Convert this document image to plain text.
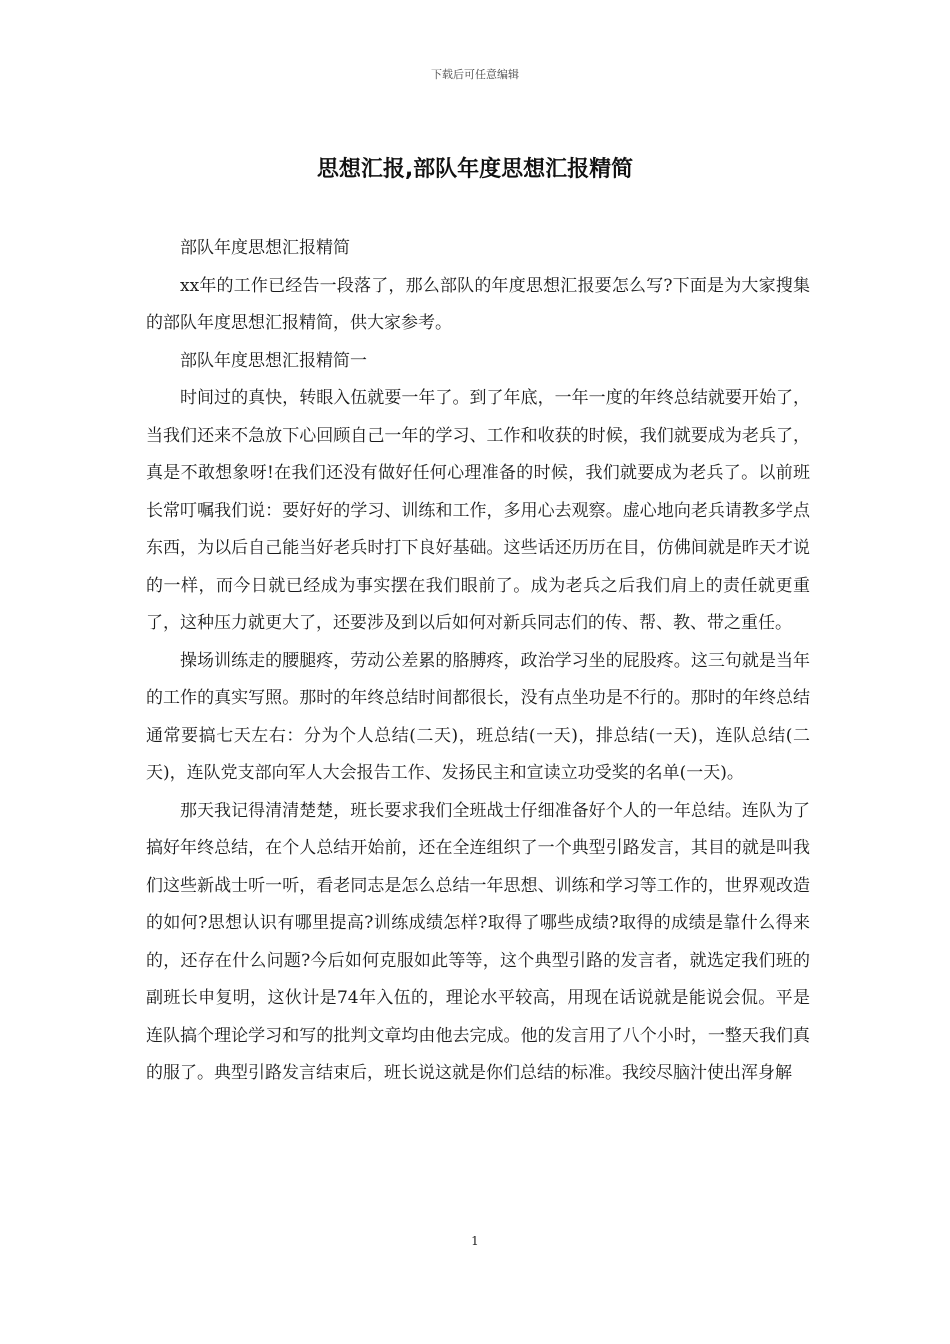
下载后可任意编辑
思想汇报,部队年度思想汇报精简

部队年度思想汇报精简

xx年的工作已经告一段落了，那么部队的年度思想汇报要怎么写?下面是为大家搜集的部队年度思想汇报精简，供大家参考。

部队年度思想汇报精简一

时间过的真快，转眼入伍就要一年了。到了年底，一年一度的年终总结就要开始了，当我们还来不急放下心回顾自己一年的学习、工作和收获的时候，我们就要成为老兵了，真是不敢想象呀!在我们还没有做好任何心理准备的时候，我们就要成为老兵了。以前班长常叮嘱我们说：要好好的学习、训练和工作，多用心去观察。虚心地向老兵请教多学点东西，为以后自己能当好老兵时打下良好基础。这些话还历历在目，仿佛间就是昨天才说的一样，而今日就已经成为事实摆在我们眼前了。成为老兵之后我们肩上的责任就更重了，这种压力就更大了，还要涉及到以后如何对新兵同志们的传、帮、教、带之重任。

操场训练走的腰腿疼，劳动公差累的胳膊疼，政治学习坐的屁股疼。这三句就是当年的工作的真实写照。那时的年终总结时间都很长，没有点坐功是不行的。那时的年终总结通常要搞七天左右：分为个人总结(二天)，班总结(一天)，排总结(一天)，连队总结(二天)，连队党支部向军人大会报告工作、发扬民主和宣读立功受奖的名单(一天)。

那天我记得清清楚楚，班长要求我们全班战士仔细准备好个人的一年总结。连队为了搞好年终总结，在个人总结开始前，还在全连组织了一个典型引路发言，其目的就是叫我们这些新战士听一听，看老同志是怎么总结一年思想、训练和学习等工作的，世界观改造的如何?思想认识有哪里提高?训练成绩怎样?取得了哪些成绩?取得的成绩是靠什么得来的，还存在什么问题?今后如何克服如此等等，这个典型引路的发言者，就选定我们班的副班长申复明，这伙计是74年入伍的，理论水平较高，用现在话说就是能说会侃。平是连队搞个理论学习和写的批判文章均由他去完成。他的发言用了八个小时，一整天我们真的服了。典型引路发言结束后，班长说这就是你们总结的标准。我绞尽脑汁使出浑身解

1
